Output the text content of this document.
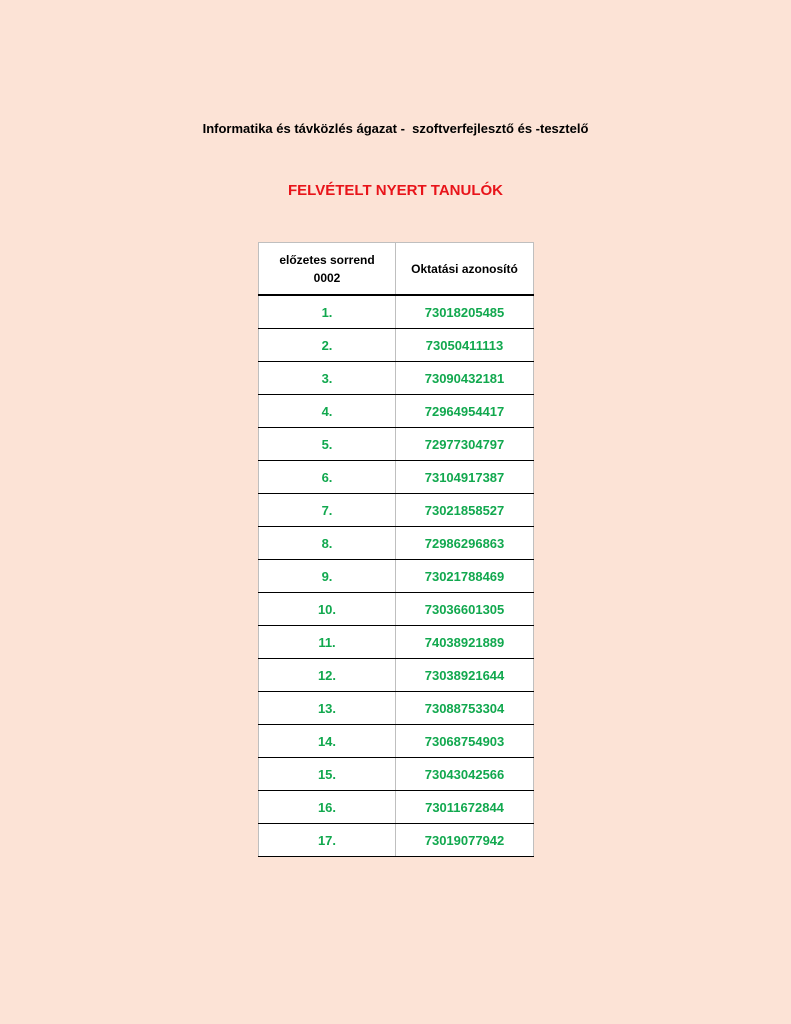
Informatika és távközlés ágazat -  szoftverfejlesztő és -tesztelő
FELVÉTELT NYERT TANULÓK
előzetes sorrend
0002	Oktatási azonosító
1.	73018205485
2.	73050411113
3.	73090432181
4.	72964954417
5.	72977304797
6.	73104917387
7.	73021858527
8.	72986296863
9.	73021788469
10.	73036601305
11.	74038921889
12.	73038921644
13.	73088753304
14.	73068754903
15.	73043042566
16.	73011672844
17.	73019077942
